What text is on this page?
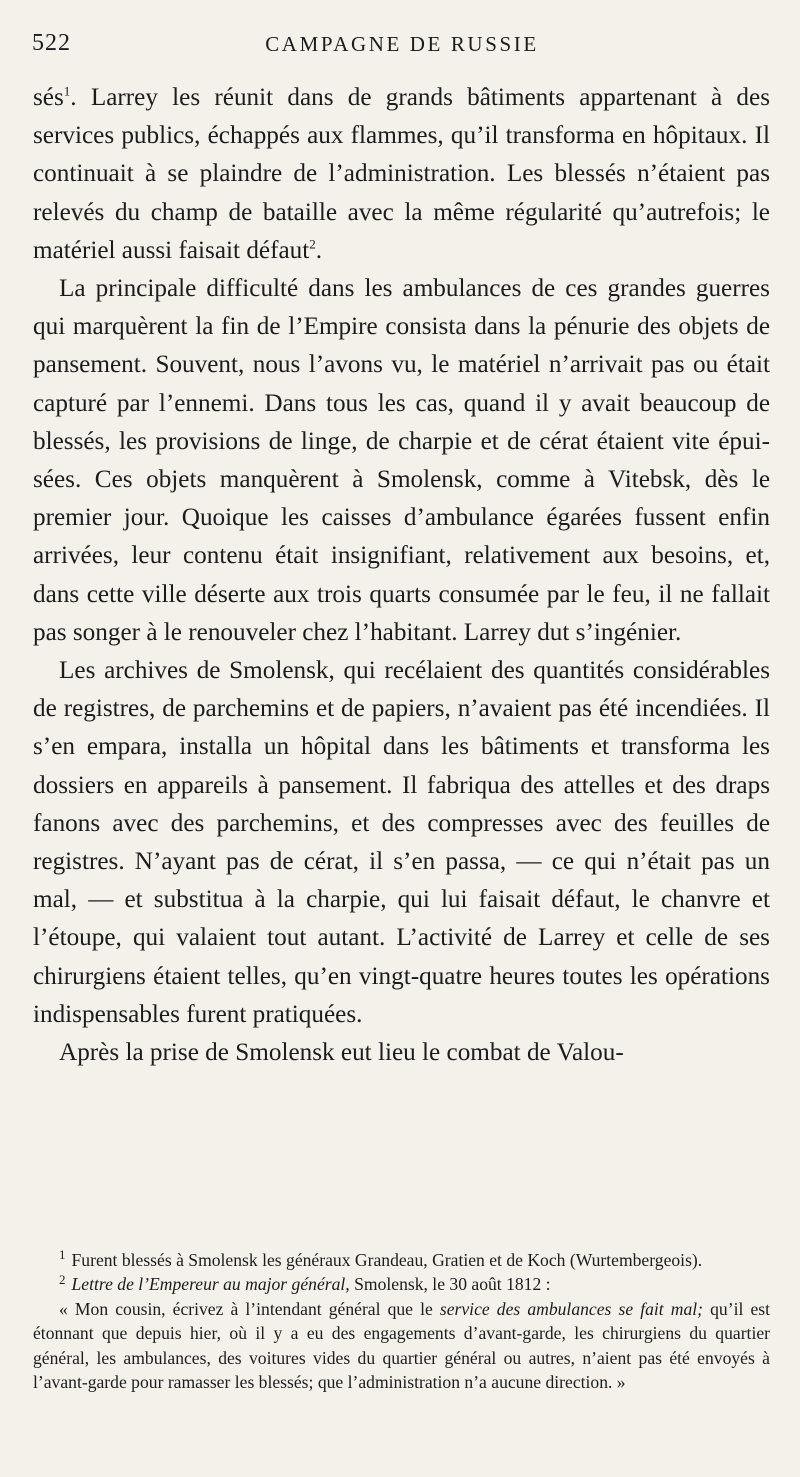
522	CAMPAGNE DE RUSSIE

sés$^1$. Larrey les réunit dans de grands bâtiments appartenant à des services publics, échappés aux flammes, qu’il transforma en hôpitaux. Il continuait à se plaindre de l’administration. Les blessés n’étaient pas relevés du champ de bataille avec la même régularité qu’autrefois; le matériel aussi faisait défaut$^2$.

La principale difficulté dans les ambulances de ces grandes guerres qui marquèrent la fin de l’Empire consista dans la pénurie des objets de pansement. Souvent, nous l’avons vu, le matériel n’arrivait pas ou était capturé par l’ennemi. Dans tous les cas, quand il y avait beaucoup de blessés, les provisions de linge, de charpie et de cérat étaient vite épuisées. Ces objets manquèrent à Smolensk, comme à Vitebsk, dès le premier jour. Quoique les caisses d’ambulance égarées fussent enfin arrivées, leur contenu était insignifiant, relativement aux besoins, et, dans cette ville déserte aux trois quarts consumée par le feu, il ne fallait pas songer à le renouveler chez l’habitant. Larrey dut s’ingénier.

Les archives de Smolensk, qui recélaient des quantités considérables de registres, de parchemins et de papiers, n’avaient pas été incendiées. Il s’en empara, installa un hôpital dans les bâtiments et transforma les dossiers en appareils à pansement. Il fabriqua des attelles et des draps fanons avec des parchemins, et des compresses avec des feuilles de registres. N’ayant pas de cérat, il s’en passa, — ce qui n’était pas un mal, — et substitua à la charpie, qui lui faisait défaut, le chanvre et l’étoupe, qui valaient tout autant. L’activité de Larrey et celle de ses chirurgiens étaient telles, qu’en vingt-quatre heures toutes les opérations indispensables furent pratiquées.

Après la prise de Smolensk eut lieu le combat de Valou-

$^1$ Furent blessés à Smolensk les généraux Grandeau, Gratien et de Koch (Wurtembergeois).

$^2$ Lettre de l’Empereur au major général, Smolensk, le 30 août 1812 :

« Mon cousin, écrivez à l’intendant général que le service des ambulances se fait mal; qu’il est étonnant que depuis hier, où il y a eu des engagements d’avant-garde, les chirurgiens du quartier général, les ambulances, des voitures vides du quartier général ou autres, n’aient pas été envoyés à l’avant-garde pour ramasser les blessés; que l’administration n’a aucune direction. »
